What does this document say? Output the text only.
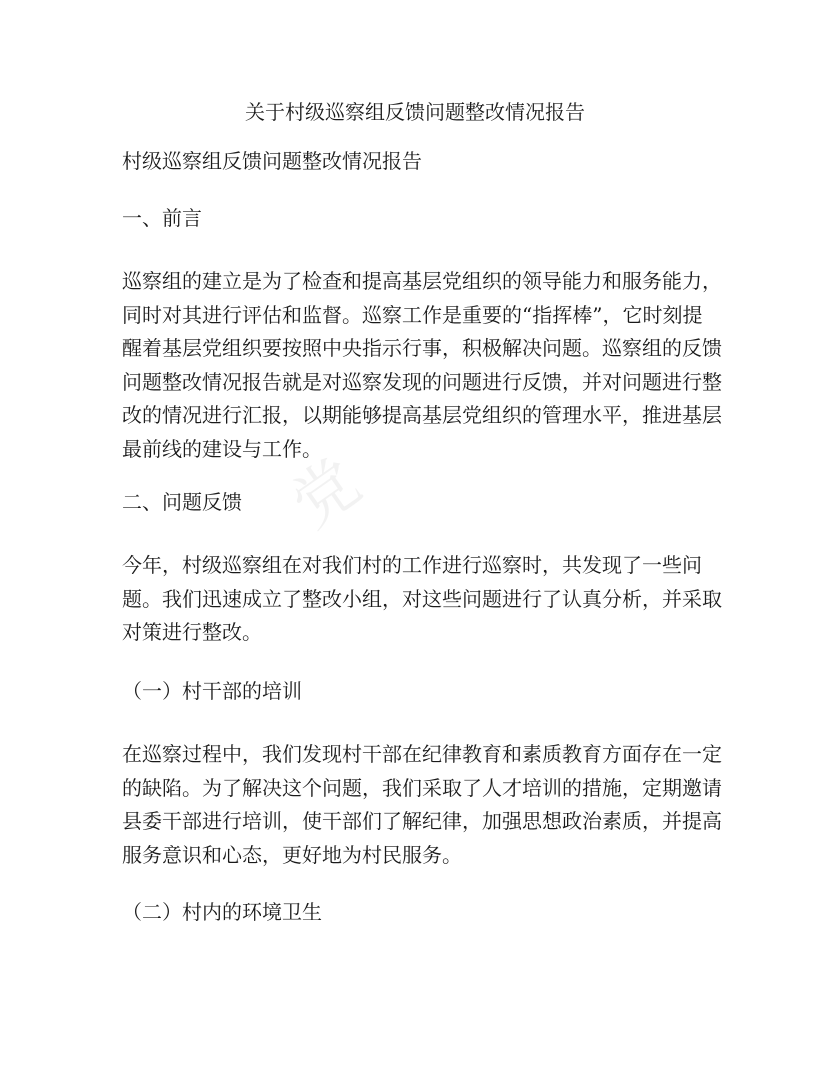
党
关于村级巡察组反馈问题整改情况报告

村级巡察组反馈问题整改情况报告

一、前言

巡察组的建立是为了检查和提高基层党组织的领导能力和服务能力，同时对其进行评估和监督。巡察工作是重要的“指挥棒”，它时刻提醒着基层党组织要按照中央指示行事，积极解决问题。巡察组的反馈问题整改情况报告就是对巡察发现的问题进行反馈，并对问题进行整改的情况进行汇报，以期能够提高基层党组织的管理水平，推进基层最前线的建设与工作。

二、问题反馈

今年，村级巡察组在对我们村的工作进行巡察时，共发现了一些问题。我们迅速成立了整改小组，对这些问题进行了认真分析，并采取对策进行整改。

（一）村干部的培训

在巡察过程中，我们发现村干部在纪律教育和素质教育方面存在一定的缺陷。为了解决这个问题，我们采取了人才培训的措施，定期邀请县委干部进行培训，使干部们了解纪律，加强思想政治素质，并提高服务意识和心态，更好地为村民服务。

（二）村内的环境卫生
